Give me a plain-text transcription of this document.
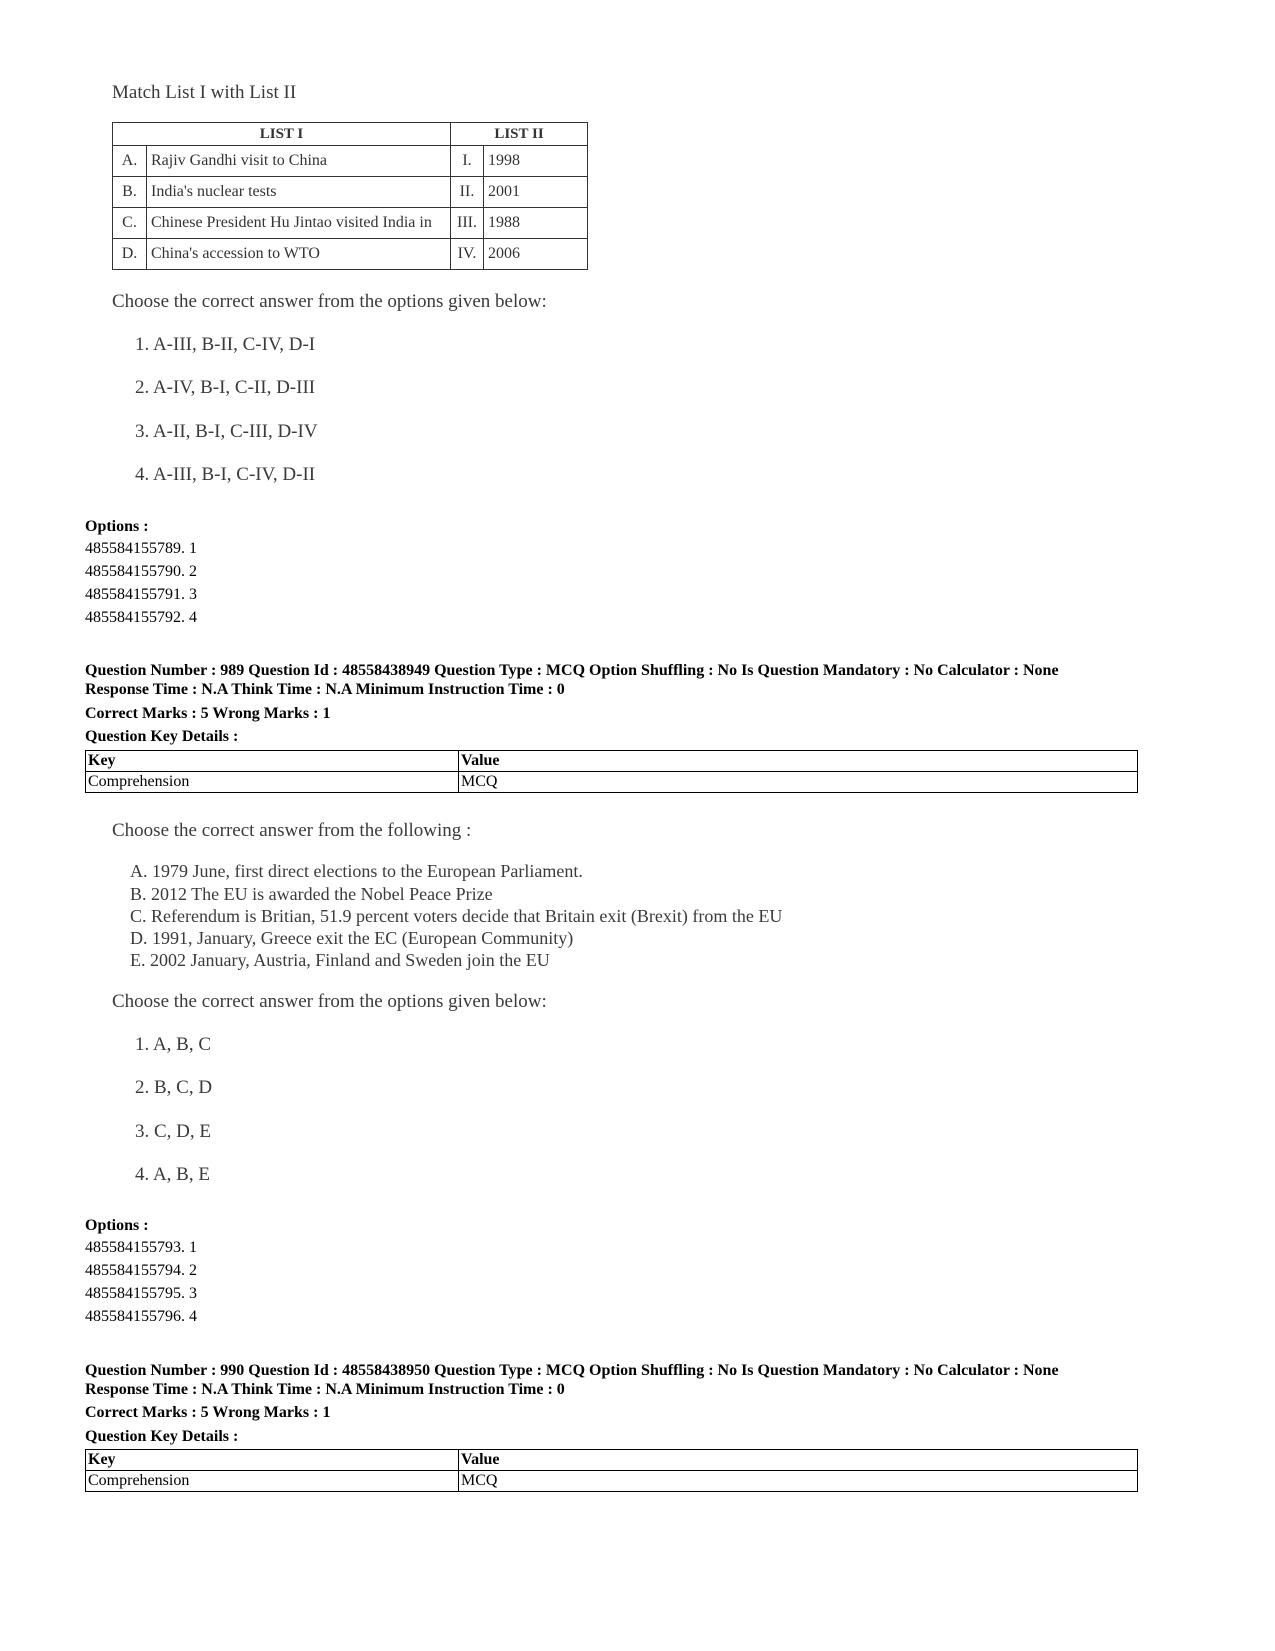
Match List I with List II
LIST I		LIST II	
A.	Rajiv Gandhi visit to China	I.	1998
B.	India's nuclear tests	II.	2001
C.	Chinese President Hu Jintao visited India in	III.	1988
D.	China's accession to WTO	IV.	2006
Choose the correct answer from the options given below:
1. A-III, B-II, C-IV, D-I
2. A-IV, B-I, C-II, D-III
3. A-II, B-I, C-III, D-IV
4. A-III, B-I, C-IV, D-II
Options :
485584155789. 1
485584155790. 2
485584155791. 3
485584155792. 4
Question Number : 989 Question Id : 48558438949 Question Type : MCQ Option Shuffling : No Is Question Mandatory : No Calculator : None
Response Time : N.A Think Time : N.A Minimum Instruction Time : 0
Correct Marks : 5 Wrong Marks : 1
Question Key Details :
Key	Value
Comprehension	MCQ
Choose the correct answer from the following :
A. 1979 June, first direct elections to the European Parliament.
B. 2012 The EU is awarded the Nobel Peace Prize
C. Referendum is Britian, 51.9 percent voters decide that Britain exit (Brexit) from the EU
D. 1991, January, Greece exit the EC (European Community)
E. 2002 January, Austria, Finland and Sweden join the EU
Choose the correct answer from the options given below:
1. A, B, C
2. B, C, D
3. C, D, E
4. A, B, E
Options :
485584155793. 1
485584155794. 2
485584155795. 3
485584155796. 4
Question Number : 990 Question Id : 48558438950 Question Type : MCQ Option Shuffling : No Is Question Mandatory : No Calculator : None
Response Time : N.A Think Time : N.A Minimum Instruction Time : 0
Correct Marks : 5 Wrong Marks : 1
Question Key Details :
Key	Value
Comprehension	MCQ
